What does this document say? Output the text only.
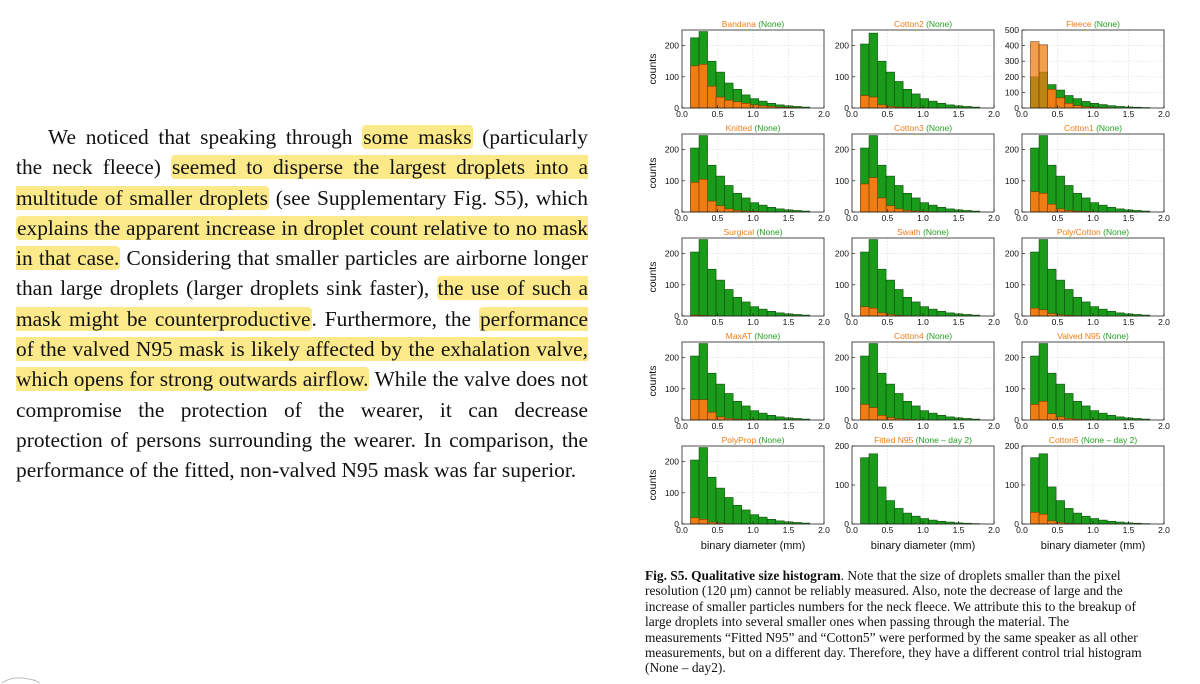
We noticed that speaking through some masks (particularly the neck fleece) seemed to disperse the largest droplets into a multitude of smaller droplets (see Supplementary Fig. S5), which explains the apparent increase in droplet count relative to no mask in that case. Considering that smaller particles are airborne longer than large droplets (larger droplets sink faster), the use of such a mask might be counterproductive. Furthermore, the performance of the valved N95 mask is likely affected by the exhalation valve, which opens for strong outwards airflow. While the valve does not compromise the protection of the wearer, it can decrease protection of persons surrounding the wearer. In comparison, the performance of the fitted, non-valved N95 mask was far superior.

0.0	0.5	1.0	1.5	2.0
0
100
200
Bandana (None)
counts
0.0	0.5	1.0	1.5	2.0
0
100
200
Cotton2 (None)
0.0	0.5	1.0	1.5	2.0
0
100
200
300
400
500
Fleece (None)
0.0	0.5	1.0	1.5	2.0
0
100
200
Knitted (None)
counts
0.0	0.5	1.0	1.5	2.0
0
100
200
Cotton3 (None)
0.0	0.5	1.0	1.5	2.0
0
100
200
Cotton1 (None)
0.0	0.5	1.0	1.5	2.0
0
100
200
Surgical (None)
counts
0.0	0.5	1.0	1.5	2.0
0
100
200
Swath (None)
0.0	0.5	1.0	1.5	2.0
0
100
200
Poly/Cotton (None)
0.0	0.5	1.0	1.5	2.0
0
100
200
MaxAT (None)
counts
0.0	0.5	1.0	1.5	2.0
0
100
200
Cotton4 (None)
0.0	0.5	1.0	1.5	2.0
0
100
200
Valved N95 (None)
0.0	0.5	1.0	1.5	2.0
0
100
200
PolyProp (None)
counts
binary diameter (mm)
0.0	0.5	1.0	1.5	2.0
0
100
200
Fitted N95 (None – day 2)
binary diameter (mm)
0.0	0.5	1.0	1.5	2.0
0
100
200
Cotton5 (None – day 2)
binary diameter (mm)

Fig. S5. Qualitative size histogram. Note that the size of droplets smaller than the pixel resolution (120 μm) cannot be reliably measured. Also, note the decrease of large and the increase of smaller particles numbers for the neck fleece. We attribute this to the breakup of large droplets into several smaller ones when passing through the material. The measurements “Fitted N95” and “Cotton5” were performed by the same speaker as all other measurements, but on a different day. Therefore, they have a different control trial histogram (None – day2).
